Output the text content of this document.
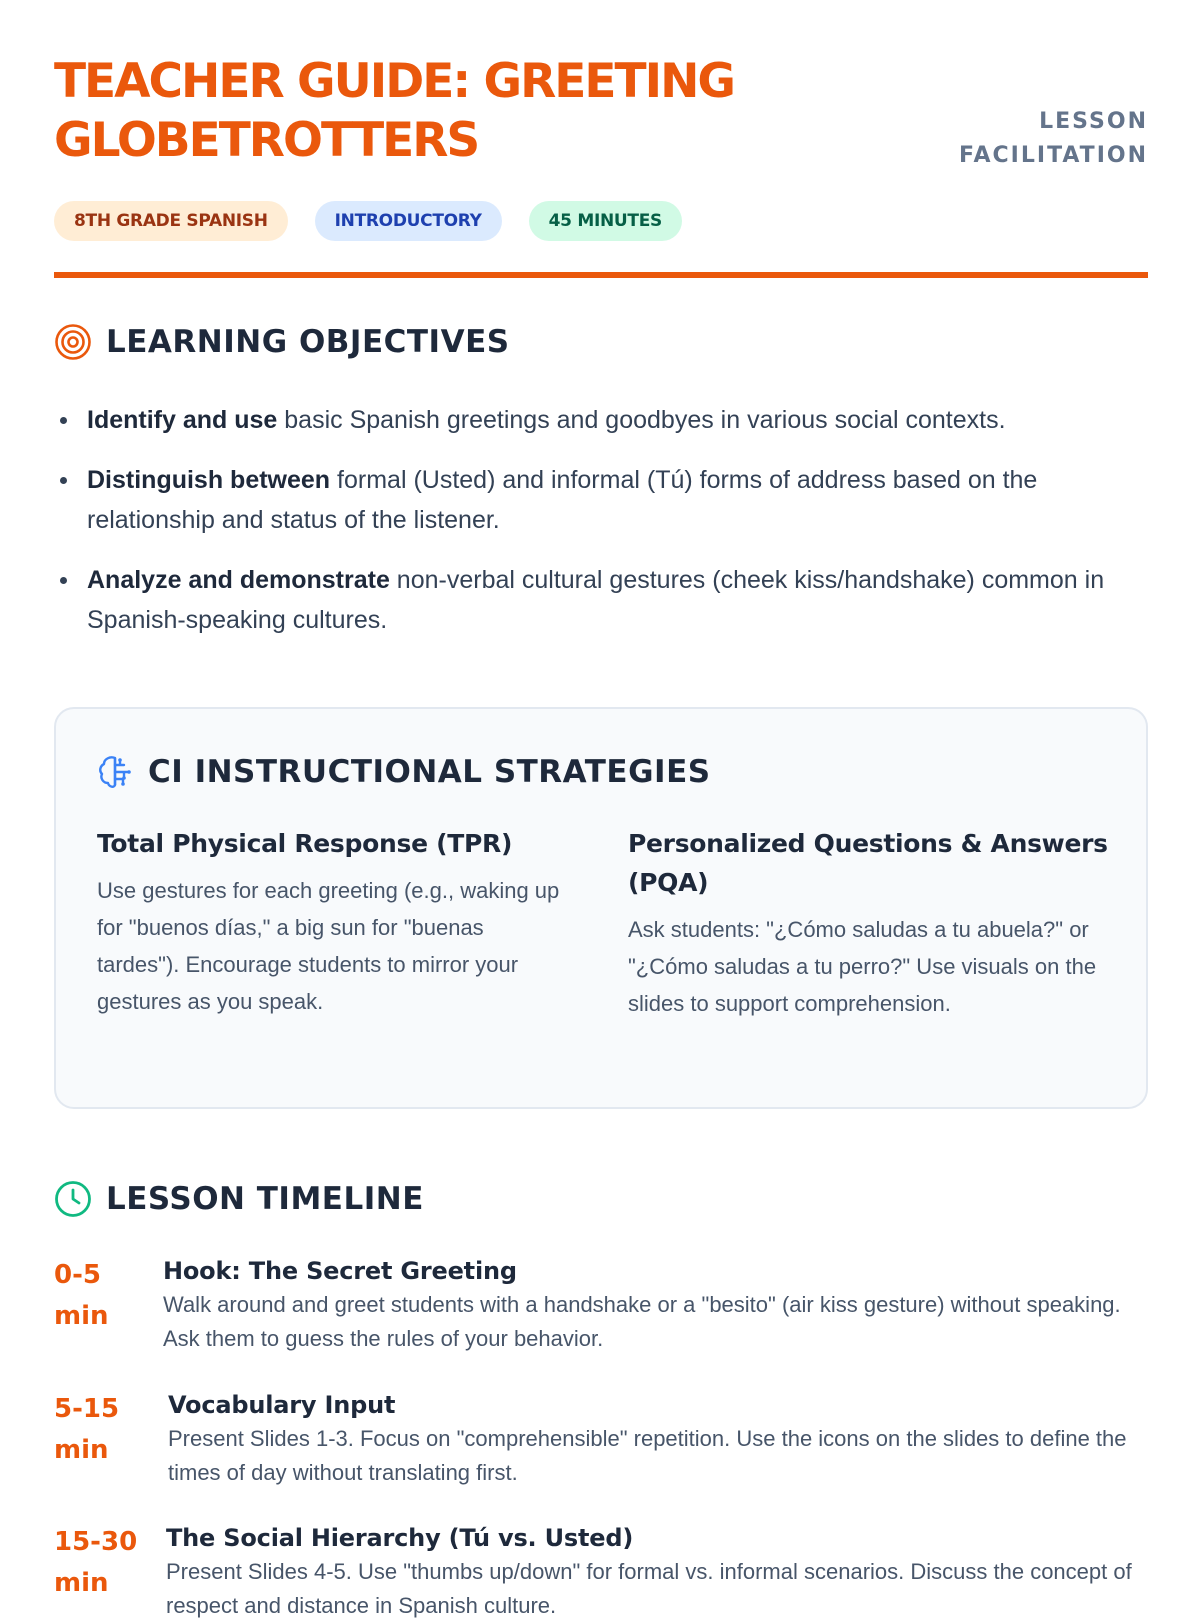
TEACHER GUIDE: GREETING GLOBETROTTERS	LESSON FACILITATION
8TH GRADE SPANISH	INTRODUCTORY	45 MINUTES
LEARNING OBJECTIVES
Identify and use basic Spanish greetings and goodbyes in various social contexts.
Distinguish between formal (Usted) and informal (Tú) forms of address based on the relationship and status of the listener.
Analyze and demonstrate non-verbal cultural gestures (cheek kiss/handshake) common in Spanish-speaking cultures.
CI INSTRUCTIONAL STRATEGIES
Total Physical Response (TPR)

Use gestures for each greeting (e.g., waking up for "buenos días," a big sun for "buenas tardes"). Encourage students to mirror your gestures as you speak.

Personalized Questions & Answers (PQA)

Ask students: "¿Cómo saludas a tu abuela?" or "¿Cómo saludas a tu perro?" Use visuals on the slides to support comprehension.

LESSON TIMELINE
0-5 min
Hook: The Secret Greeting

Walk around and greet students with a handshake or a "besito" (air kiss gesture) without speaking. Ask them to guess the rules of your behavior.

5-15 min
Vocabulary Input

Present Slides 1-3. Focus on "comprehensible" repetition. Use the icons on the slides to define the times of day without translating first.

15-30 min
The Social Hierarchy (Tú vs. Usted)

Present Slides 4-5. Use "thumbs up/down" for formal vs. informal scenarios. Discuss the concept of respect and distance in Spanish culture.
